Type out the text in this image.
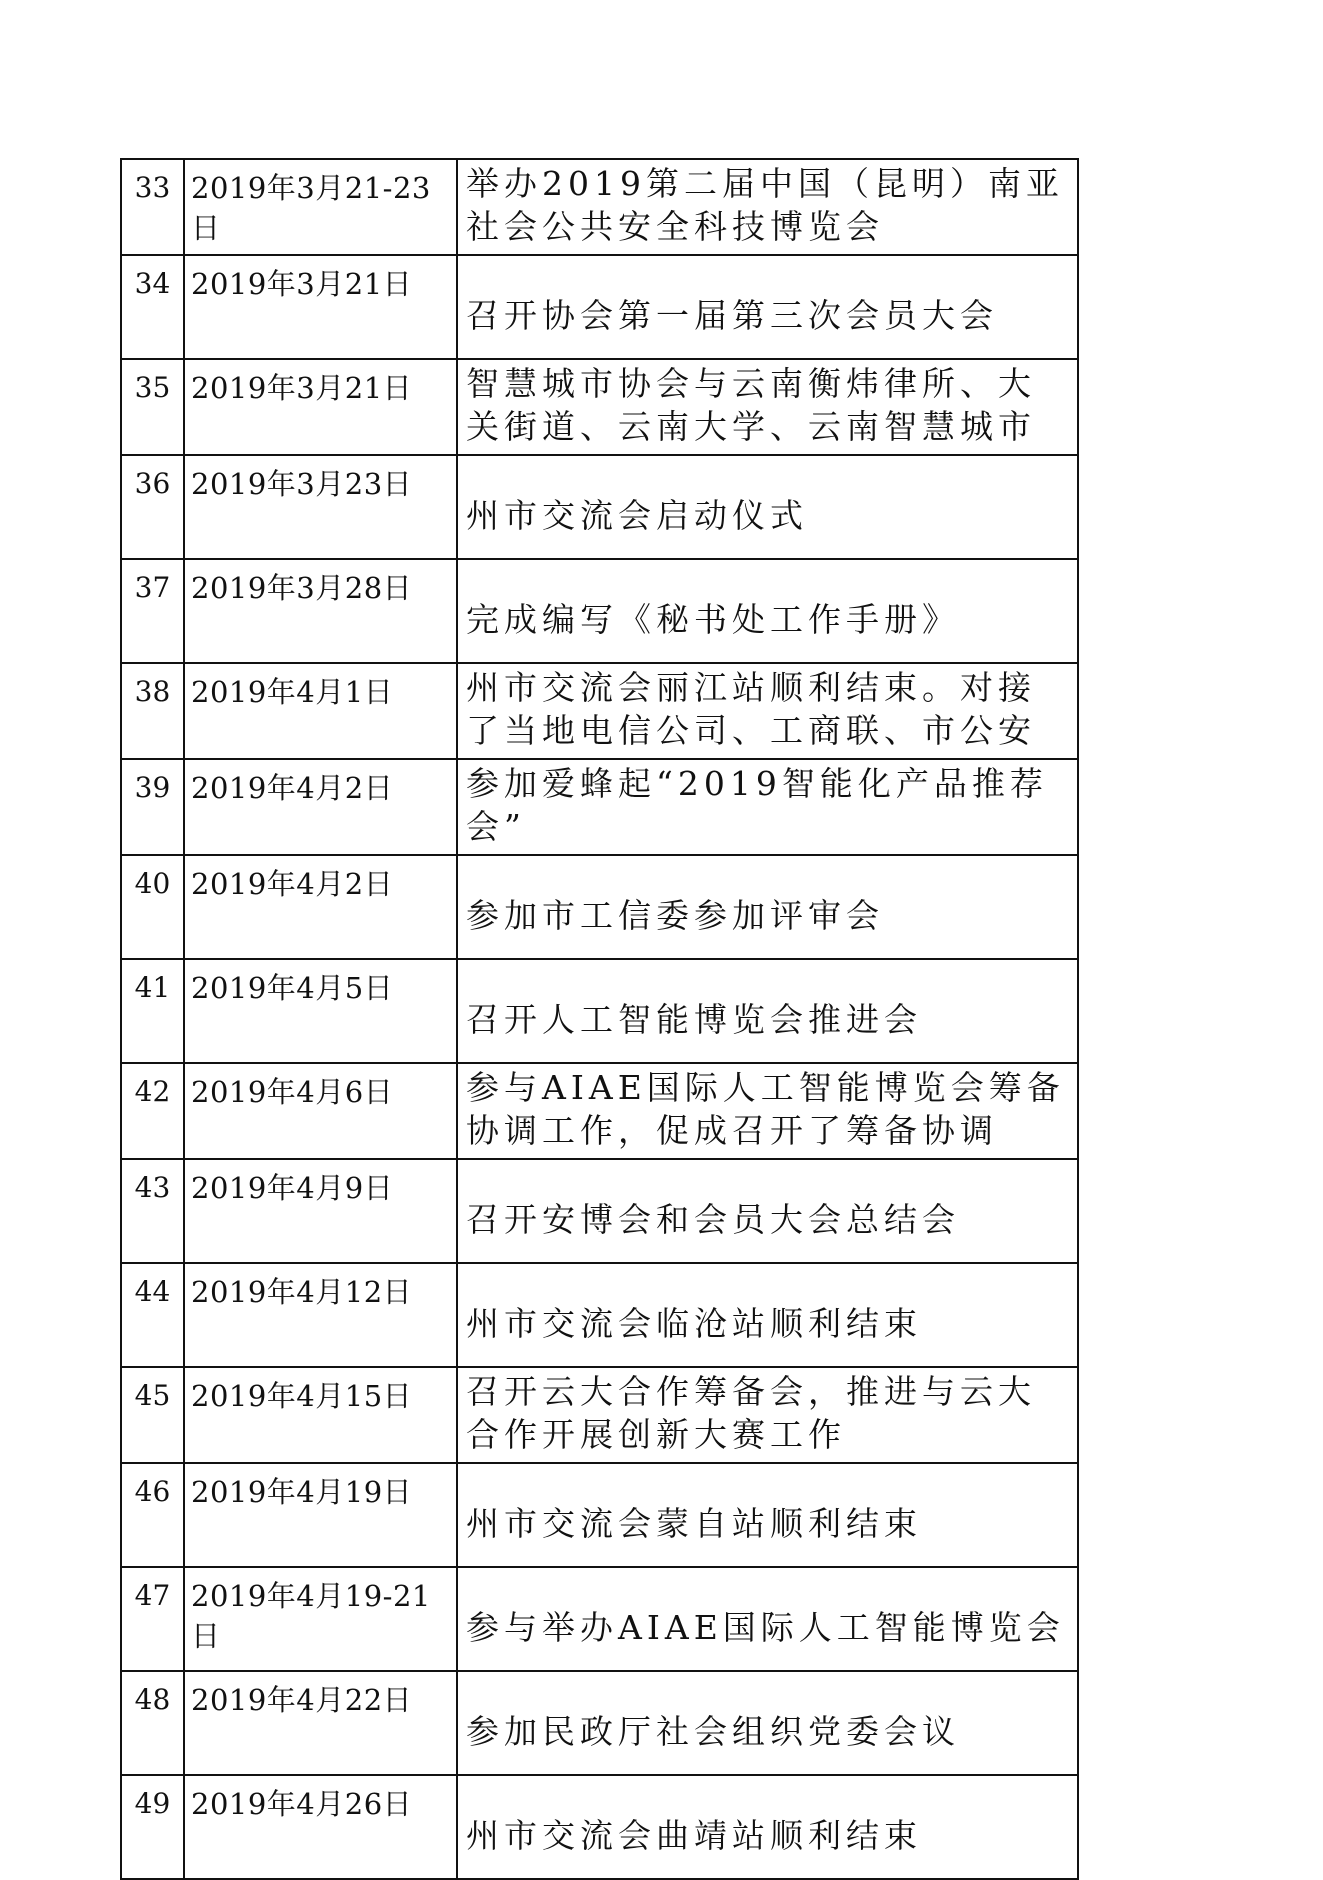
33	2019年3月21-23日	举办2019第二届中国（昆明）南亚社会公共安全科技博览会

34	2019年3月21日	召开协会第一届第三次会员大会

35	2019年3月21日	智慧城市协会与云南衡炜律所、大关街道、云南大学、云南智慧城市

36	2019年3月23日	州市交流会启动仪式

37	2019年3月28日	完成编写《秘书处工作手册》

38	2019年4月1日	州市交流会丽江站顺利结束。对接了当地电信公司、工商联、市公安

39	2019年4月2日	参加爱蜂起“2019智能化产品推荐会”

40	2019年4月2日	参加市工信委参加评审会

41	2019年4月5日	召开人工智能博览会推进会

42	2019年4月6日	参与AIAE国际人工智能博览会筹备协调工作，促成召开了筹备协调

43	2019年4月9日	召开安博会和会员大会总结会

44	2019年4月12日	州市交流会临沧站顺利结束

45	2019年4月15日	召开云大合作筹备会，推进与云大合作开展创新大赛工作

46	2019年4月19日	州市交流会蒙自站顺利结束

47	2019年4月19-21日	参与举办AIAE国际人工智能博览会

48	2019年4月22日	参加民政厅社会组织党委会议

49	2019年4月26日	州市交流会曲靖站顺利结束
